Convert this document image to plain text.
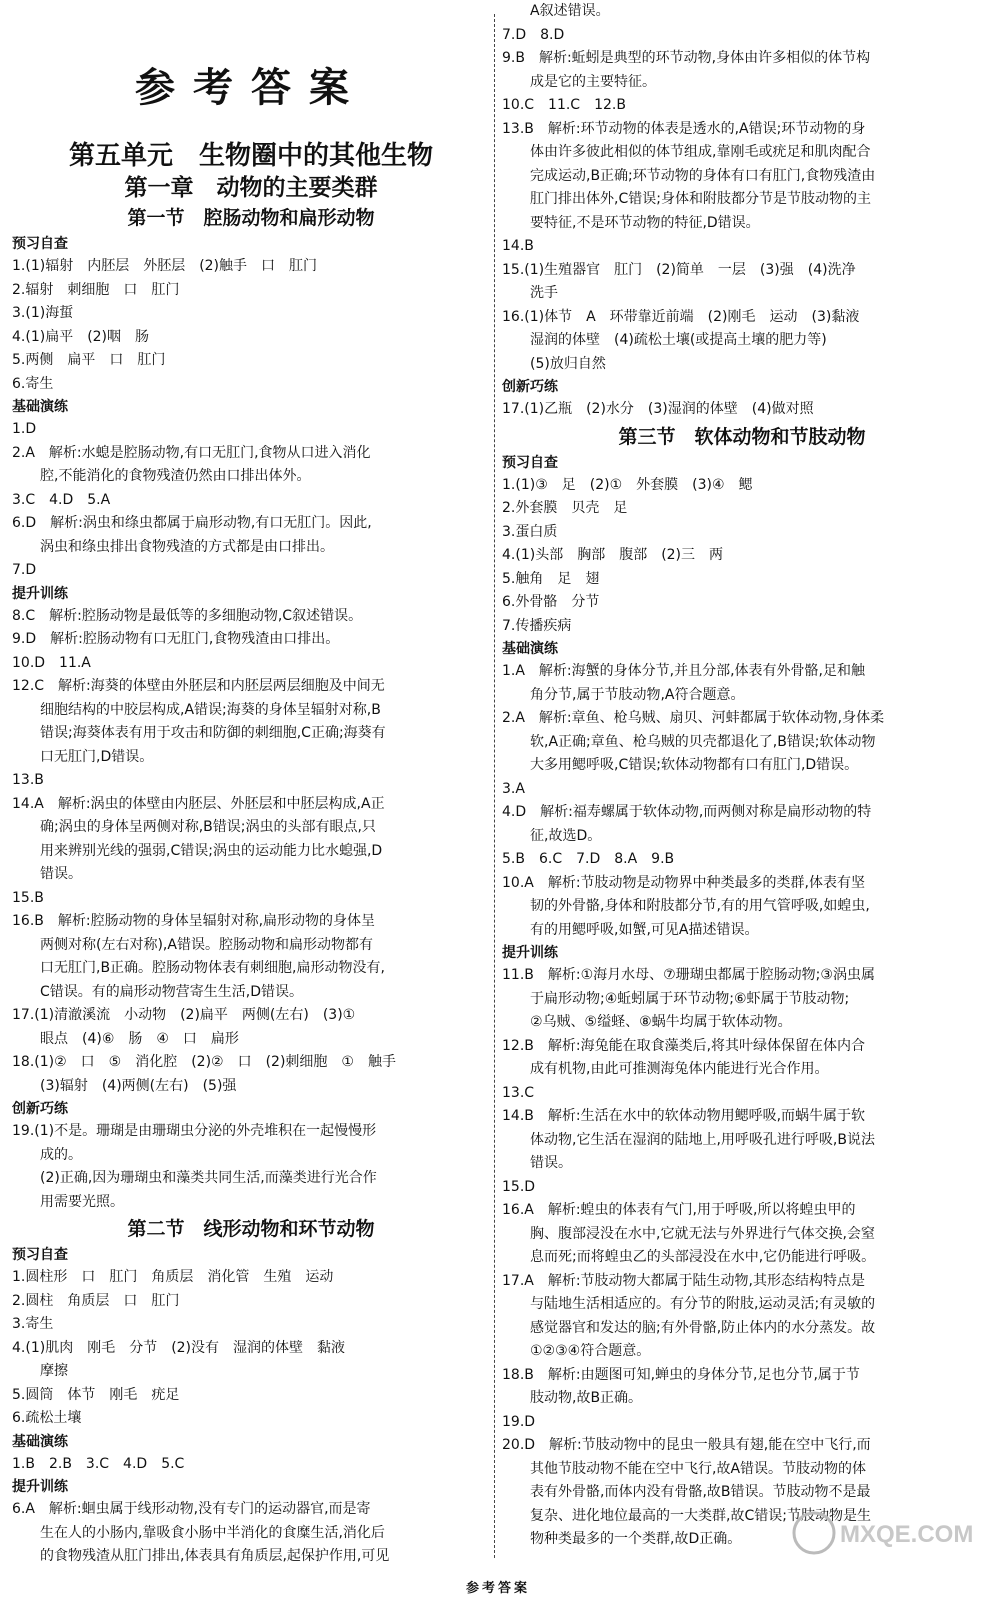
参考答案
第五单元　生物圈中的其他生物
第一章　动物的主要类群
第一节　腔肠动物和扁形动物
预习自查
1.(1)辐射　内胚层　外胚层　(2)触手　口　肛门
2.辐射　刺细胞　口　肛门
3.(1)海蜇
4.(1)扁平　(2)咽　肠
5.两侧　扁平　口　肛门
6.寄生
基础演练
1.D
2.A　解析:水螅是腔肠动物,有口无肛门,食物从口进入消化
腔,不能消化的食物残渣仍然由口排出体外。
3.C　4.D　5.A
6.D　解析:涡虫和绦虫都属于扁形动物,有口无肛门。因此,
涡虫和绦虫排出食物残渣的方式都是由口排出。
7.D
提升训练
8.C　解析:腔肠动物是最低等的多细胞动物,C叙述错误。
9.D　解析:腔肠动物有口无肛门,食物残渣由口排出。
10.D　11.A
12.C　解析:海葵的体壁由外胚层和内胚层两层细胞及中间无
细胞结构的中胶层构成,A错误;海葵的身体呈辐射对称,B
错误;海葵体表有用于攻击和防御的刺细胞,C正确;海葵有
口无肛门,D错误。
13.B
14.A　解析:涡虫的体壁由内胚层、外胚层和中胚层构成,A正
确;涡虫的身体呈两侧对称,B错误;涡虫的头部有眼点,只
用来辨别光线的强弱,C错误;涡虫的运动能力比水螅强,D
错误。
15.B
16.B　解析:腔肠动物的身体呈辐射对称,扁形动物的身体呈
两侧对称(左右对称),A错误。腔肠动物和扁形动物都有
口无肛门,B正确。腔肠动物体表有刺细胞,扁形动物没有,
C错误。有的扁形动物营寄生生活,D错误。
17.(1)清澈溪流　小动物　(2)扁平　两侧(左右)　(3)①
眼点　(4)⑥　肠　④　口　扁形
18.(1)②　口　⑤　消化腔　(2)②　口　(2)刺细胞　①　触手
(3)辐射　(4)两侧(左右)　(5)强
创新巧练
19.(1)不是。珊瑚是由珊瑚虫分泌的外壳堆积在一起慢慢形
成的。
(2)正确,因为珊瑚虫和藻类共同生活,而藻类进行光合作
用需要光照。
第二节　线形动物和环节动物
预习自查
1.圆柱形　口　肛门　角质层　消化管　生殖　运动
2.圆柱　角质层　口　肛门
3.寄生
4.(1)肌肉　刚毛　分节　(2)没有　湿润的体壁　黏液
摩擦
5.圆筒　体节　刚毛　疣足
6.疏松土壤
基础演练
1.B　2.B　3.C　4.D　5.C
提升训练
6.A　解析:蛔虫属于线形动物,没有专门的运动器官,而是寄
生在人的小肠内,靠吸食小肠中半消化的食糜生活,消化后
的食物残渣从肛门排出,体表具有角质层,起保护作用,可见
A叙述错误。
7.D　8.D
9.B　解析:蚯蚓是典型的环节动物,身体由许多相似的体节构
成是它的主要特征。
10.C　11.C　12.B
13.B　解析:环节动物的体表是透水的,A错误;环节动物的身
体由许多彼此相似的体节组成,靠刚毛或疣足和肌肉配合
完成运动,B正确;环节动物的身体有口有肛门,食物残渣由
肛门排出体外,C错误;身体和附肢都分节是节肢动物的主
要特征,不是环节动物的特征,D错误。
14.B
15.(1)生殖器官　肛门　(2)简单　一层　(3)强　(4)洗净
洗手
16.(1)体节　A　环带靠近前端　(2)刚毛　运动　(3)黏液
湿润的体壁　(4)疏松土壤(或提高土壤的肥力等)
(5)放归自然
创新巧练
17.(1)乙瓶　(2)水分　(3)湿润的体壁　(4)做对照
第三节　软体动物和节肢动物
预习自查
1.(1)③　足　(2)①　外套膜　(3)④　鳃
2.外套膜　贝壳　足
3.蛋白质
4.(1)头部　胸部　腹部　(2)三　两
5.触角　足　翅
6.外骨骼　分节
7.传播疾病
基础演练
1.A　解析:海蟹的身体分节,并且分部,体表有外骨骼,足和触
角分节,属于节肢动物,A符合题意。
2.A　解析:章鱼、枪乌贼、扇贝、河蚌都属于软体动物,身体柔
软,A正确;章鱼、枪乌贼的贝壳都退化了,B错误;软体动物
大多用鳃呼吸,C错误;软体动物都有口有肛门,D错误。
3.A
4.D　解析:福寿螺属于软体动物,而两侧对称是扁形动物的特
征,故选D。
5.B　6.C　7.D　8.A　9.B
10.A　解析:节肢动物是动物界中种类最多的类群,体表有坚
韧的外骨骼,身体和附肢都分节,有的用气管呼吸,如蝗虫,
有的用鳃呼吸,如蟹,可见A描述错误。
提升训练
11.B　解析:①海月水母、⑦珊瑚虫都属于腔肠动物;③涡虫属
于扁形动物;④蚯蚓属于环节动物;⑥虾属于节肢动物;
②乌贼、⑤缢蛏、⑧蜗牛均属于软体动物。
12.B　解析:海兔能在取食藻类后,将其叶绿体保留在体内合
成有机物,由此可推测海兔体内能进行光合作用。
13.C
14.B　解析:生活在水中的软体动物用鳃呼吸,而蜗牛属于软
体动物,它生活在湿润的陆地上,用呼吸孔进行呼吸,B说法
错误。
15.D
16.A　解析:蝗虫的体表有气门,用于呼吸,所以将蝗虫甲的
胸、腹部浸没在水中,它就无法与外界进行气体交换,会窒
息而死;而将蝗虫乙的头部浸没在水中,它仍能进行呼吸。
17.A　解析:节肢动物大都属于陆生动物,其形态结构特点是
与陆地生活相适应的。有分节的附肢,运动灵活;有灵敏的
感觉器官和发达的脑;有外骨骼,防止体内的水分蒸发。故
①②③④符合题意。
18.B　解析:由题图可知,蝉虫的身体分节,足也分节,属于节
肢动物,故B正确。
19.D
20.D　解析:节肢动物中的昆虫一般具有翅,能在空中飞行,而
其他节肢动物不能在空中飞行,故A错误。节肢动物的体
表有外骨骼,而体内没有骨骼,故B错误。节肢动物不是最
复杂、进化地位最高的一大类群,故C错误;节肢动物是生
物种类最多的一个类群,故D正确。	MXQE.COM
参考答案
